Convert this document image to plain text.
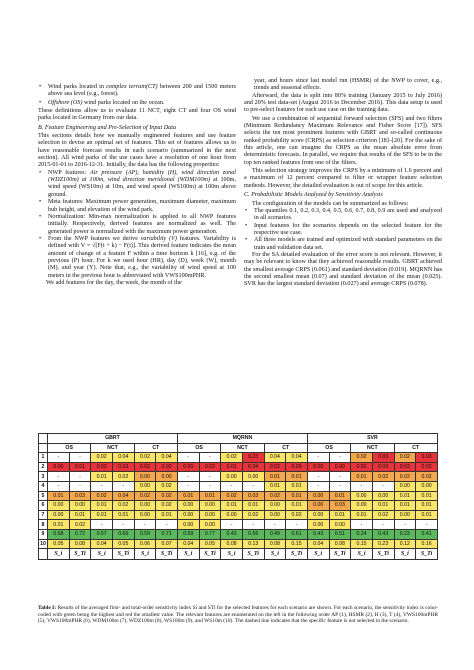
• Wind parks located in complex terrain(CT) between 200 and 1500 meters above sea level (e.g., forest).
• Offshore (OS) wind parks located on the ocean.
These definitions allow us to evaluate 11 NCT, eight CT and four OS wind parks located in Germany from our data.
B. Feature Engineering and Pre-Selection of Input Data
This sections details how we manually engineered features and use feature selection to devise an optimal set of features. This set of features allows us to have reasonable forecast results in each scenario (summarized in the next section). All wind parks of the use cases have a resolution of one hour from 2015-01-01 to 2016-12-31. Initially, the data has the following properties:
• NWP features: Air pressure (AP), humidity (H), wind direction zonal (WDZ100m) at 100m, wind direction meridional (WDM100m) at 100m, wind speed (WS10m) at 10m, and wind speed (WS100m) at 100m above ground.
• Meta features: Maximum power generation, maximum diameter, maximum hub height, and elevation of the wind park.
• Normalization: Min-max normalization is applied to all NWP features initially. Respectively, derived features are normalized as well. The generated power is normalized with the maximum power generation.
• From the NWP features we derive variability (V) features. Variability is defined with V = √[F(t + k) − F(t)]. This derived feature indicates the mean amount of change of a feature F within a time horizon k [16], e.g. of the previous (P) hour. For k we used hour (HR), day (D), week (W), month (M), and year (Y). Note that, e.g., the variability of wind speed at 100 meters in the previous hour is abbreviated with VWS100mPHR.
We add features for the day, the week, the month of the
year, and hours since last model run (HSMR) of the NWP to cover, e.g., trends and seasonal effects.
Afterward, the data is split into 80% training (January 2015 to July 2016) and 20% test data-set (August 2016 to December 2016). This data setup is used to pre-select features for each use case on the training data.
We use a combination of sequential forward selection (SFS) and two filters (Minimum Redundancy Maximum Relevance and Fisher Score [17]). SFS selects the ten most prominent features with GBRT and so-called continuous ranked probability score (CRPS) as selection criterion [18]–[20]. For the sake of this article, one can imagine the CRPS as the mean absolute error from deterministic forecasts. In parallel, we require that results of the SFS to be in the top ten ranked features from one of the filters.
This selection strategy improves the CRPS by a minimum of 1.6 percent and a maximum of 12 percent compared to filter or wrapper feature selection methods. However, the detailed evaluation is out of scope for this article.
C. Probabilistic Models Analyzed by Sensitivity Analysis
The configuration of the models can be summarized as follows:
• The quantiles 0.1, 0.2, 0.3, 0.4, 0.5, 0.6, 0.7, 0.8, 0.9 are used and analyzed in all scenarios.
• Input features for the scenarios depends on the selected feature for the respective use case.
• All three models are trained and optimized with standard parameters on the train and validation data set.
For the SA detailed evaluation of the error score is not relevant. However, it may be relevant to know that they achieved reasonable results. GBRT achieved the smallest average CRPS (0.061) and standard deviation (0.019). MQRNN has the second smallest mean (0.07) and standard deviation of the mean (0.025). SVR has the largest standard deviation (0.027) and average CRPS (0.078).
	GBRT						MQRNN						SVR					
	OS		NCT		CT		OS		NCT		CT		OS		NCT		CT	
1	-	-	0.02	0.04	0.02	0.04	-	-	0.02	0.23	0.04	0.04	-	-	0.02	0.03	0.02	0.03
2	0.00	0.01	0.03	0.03	0.02	0.02	0.00	0.02	0.01	0.04	0.02	0.05	0.00	0.00	0.02	0.03	0.03	0.02
3	-	-	0.01	0.02	0.00	0.00	-	-	0.00	0.00	0.01	0.01	-	-	0.01	0.02	0.02	0.02
4	-	-	-	-	0.00	0.02	-	-	-	-	0.01	0.01	-	-	-	-	0.00	0.00
5	0.01	0.03	0.02	0.04	0.02	0.02	0.01	0.01	0.02	0.03	0.02	0.01	0.00	0.01	0.00	0.00	0.01	0.01
6	0.00	0.00	0.01	0.02	0.00	0.02	0.00	0.00	0.01	0.01	0.00	0.01	0.00	0.03	0.00	0.01	0.01	0.01
7	0.00	0.01	0.01	0.01	0.00	0.01	0.00	0.00	0.00	0.02	0.00	0.02	0.00	0.01	0.01	0.02	0.00	0.01
8	0.01	0.02	-	-	-	-	0.00	0.00	-	-	-	-	0.00	0.00	-	-	-	-
9	0.68	0.72	0.57	0.66	0.59	0.71	0.69	0.77	0.43	0.56	0.49	0.61	0.43	0.51	0.24	0.43	0.23	0.41
10	0.05	0.08	0.04	0.05	0.06	0.07	0.04	0.05	0.08	0.13	0.08	0.15	0.04	0.08	0.15	0.23	0.12	0.16
	S_i	S_Ti	S_i	S_Ti	S_i	S_Ti	S_i	S_Ti	S_i	S_Ti	S_i	S_Ti	S_i	S_Ti	S_i	S_Ti	S_i	S_Ti
Table I: Results of the averaged first- and total-order sensitivity index Si and STi for the selected features for each scenario are shown. For each scenario, the sensitivity index is color-coded with green being the highest and red the smallest value. The relevant features are enumerated on the left in the following order AP (1), HSMR (2), H (3), T (4), VWS100mPHR (5), VWS100mPHR (6), WDM100m (7), WDZ100m (8), WS100m (9), and WS10m (10). The dashed line indicates that the specific feature is not selected in the scenario.
